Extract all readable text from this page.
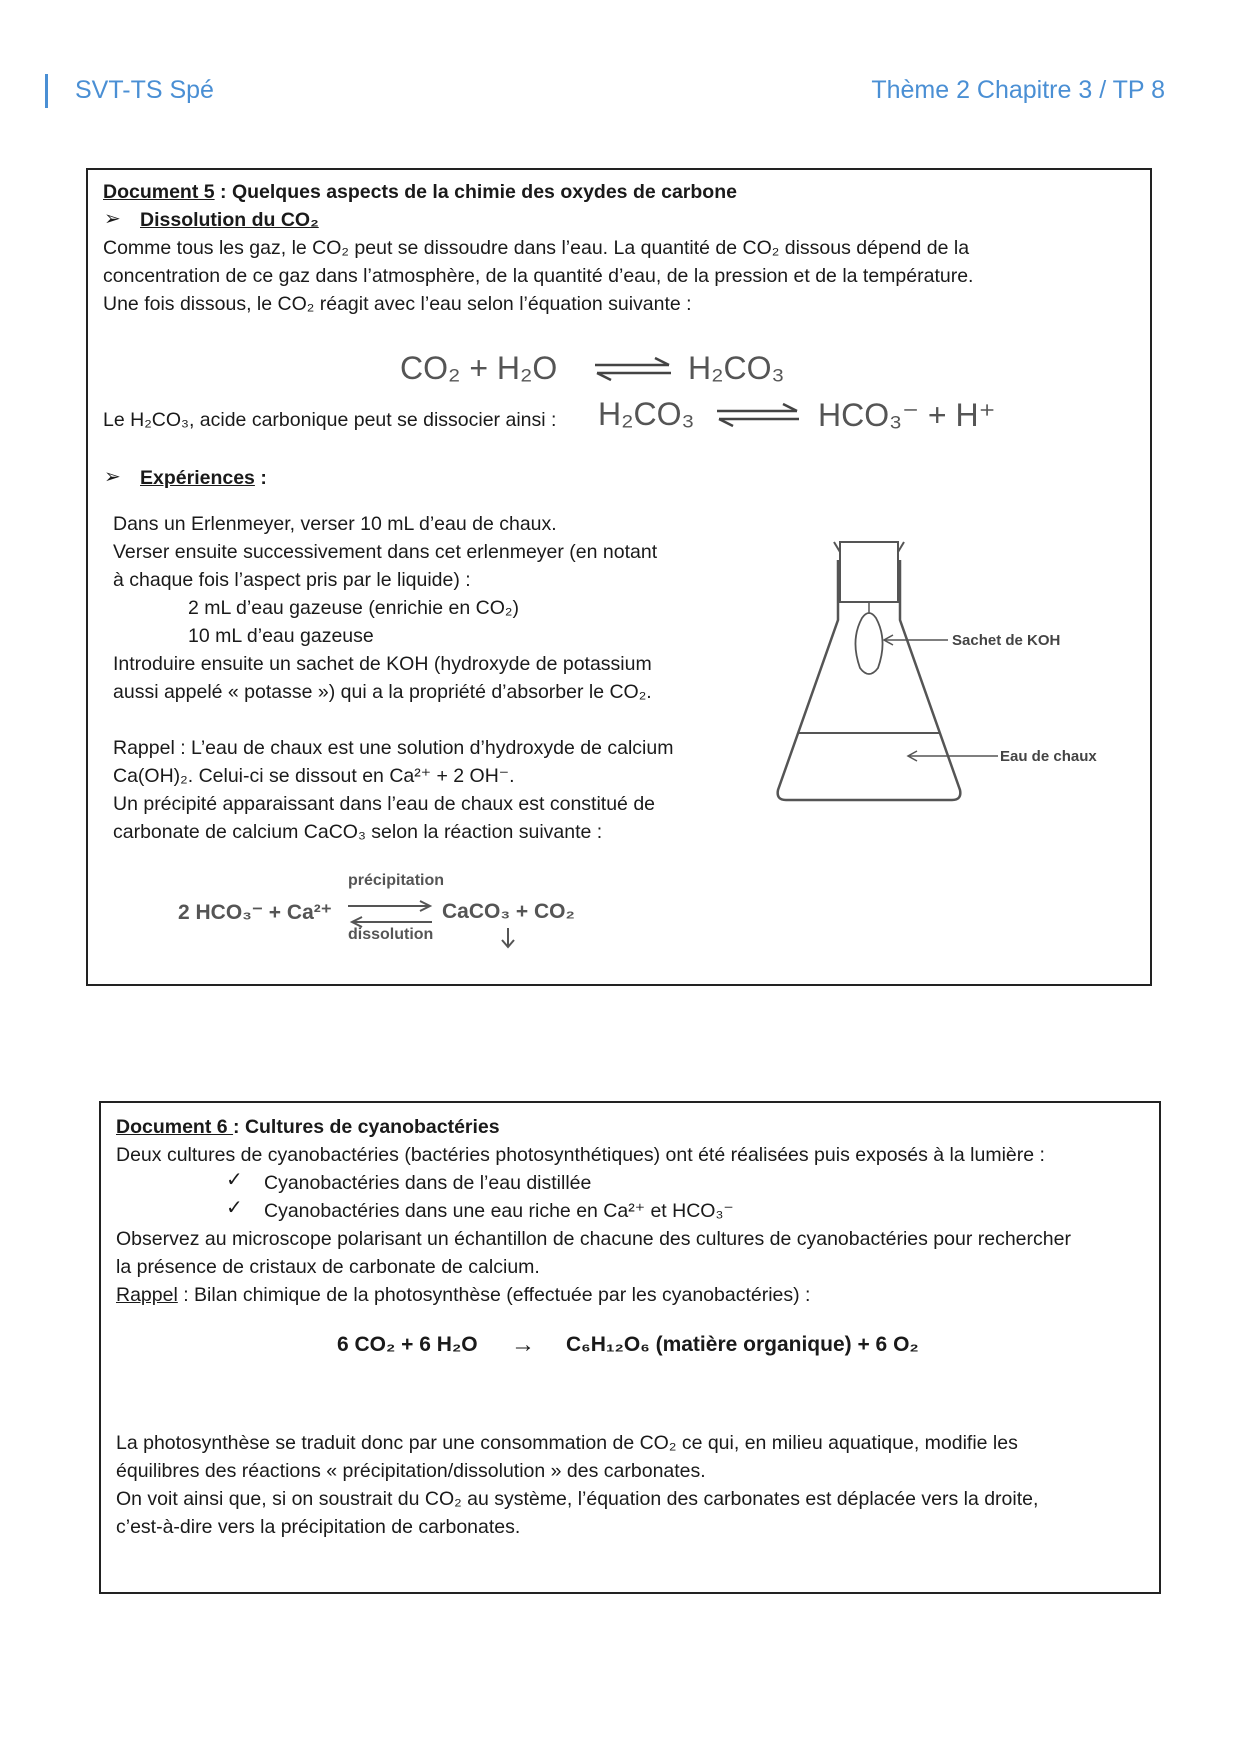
SVT-TS Spé	Thème 2 Chapitre 3 / TP 8
Document 5 : Quelques aspects de la chimie des oxydes de carbone
➢ Dissolution du CO₂
Comme tous les gaz, le CO₂ peut se dissoudre dans l’eau. La quantité de CO₂ dissous dépend de la
concentration de ce gaz dans l’atmosphère, de la quantité d’eau, de la pression et de la température.
Une fois dissous, le CO₂ réagit avec l’eau selon l’équation suivante :
CO₂ + H₂O	H₂CO₃
Le H₂CO₃, acide carbonique peut se dissocier ainsi : H₂CO₃	HCO₃⁻ + H⁺
➢ Expériences :
Dans un Erlenmeyer, verser 10 mL d’eau de chaux.
Verser ensuite successivement dans cet erlenmeyer (en notant
à chaque fois l’aspect pris par le liquide) :
2 mL d’eau gazeuse (enrichie en CO₂)
10 mL d’eau gazeuse
Introduire ensuite un sachet de KOH (hydroxyde de potassium
aussi appelé « potasse ») qui a la propriété d’absorber le CO₂.
Rappel : L’eau de chaux est une solution d’hydroxyde de calcium
Ca(OH)₂. Celui-ci se dissout en Ca²⁺ + 2 OH⁻.
Un précipité apparaissant dans l’eau de chaux est constitué de
carbonate de calcium CaCO₃ selon la réaction suivante :
Sachet de KOH
Eau de chaux
2 HCO₃⁻ + Ca²⁺
précipitation
dissolution
CaCO₃ + CO₂
Document 6 : Cultures de cyanobactéries
Deux cultures de cyanobactéries (bactéries photosynthétiques) ont été réalisées puis exposés à la lumière :
✓ Cyanobactéries dans de l’eau distillée
✓ Cyanobactéries dans une eau riche en Ca²⁺ et HCO₃⁻
Observez au microscope polarisant un échantillon de chacune des cultures de cyanobactéries pour rechercher
la présence de cristaux de carbonate de calcium.
Rappel : Bilan chimique de la photosynthèse (effectuée par les cyanobactéries) :
6 CO₂ + 6 H₂O → C₆H₁₂O₆ (matière organique) + 6 O₂
La photosynthèse se traduit donc par une consommation de CO₂ ce qui, en milieu aquatique, modifie les
équilibres des réactions « précipitation/dissolution » des carbonates.
On voit ainsi que, si on soustrait du CO₂ au système, l’équation des carbonates est déplacée vers la droite,
c’est-à-dire vers la précipitation de carbonates.
